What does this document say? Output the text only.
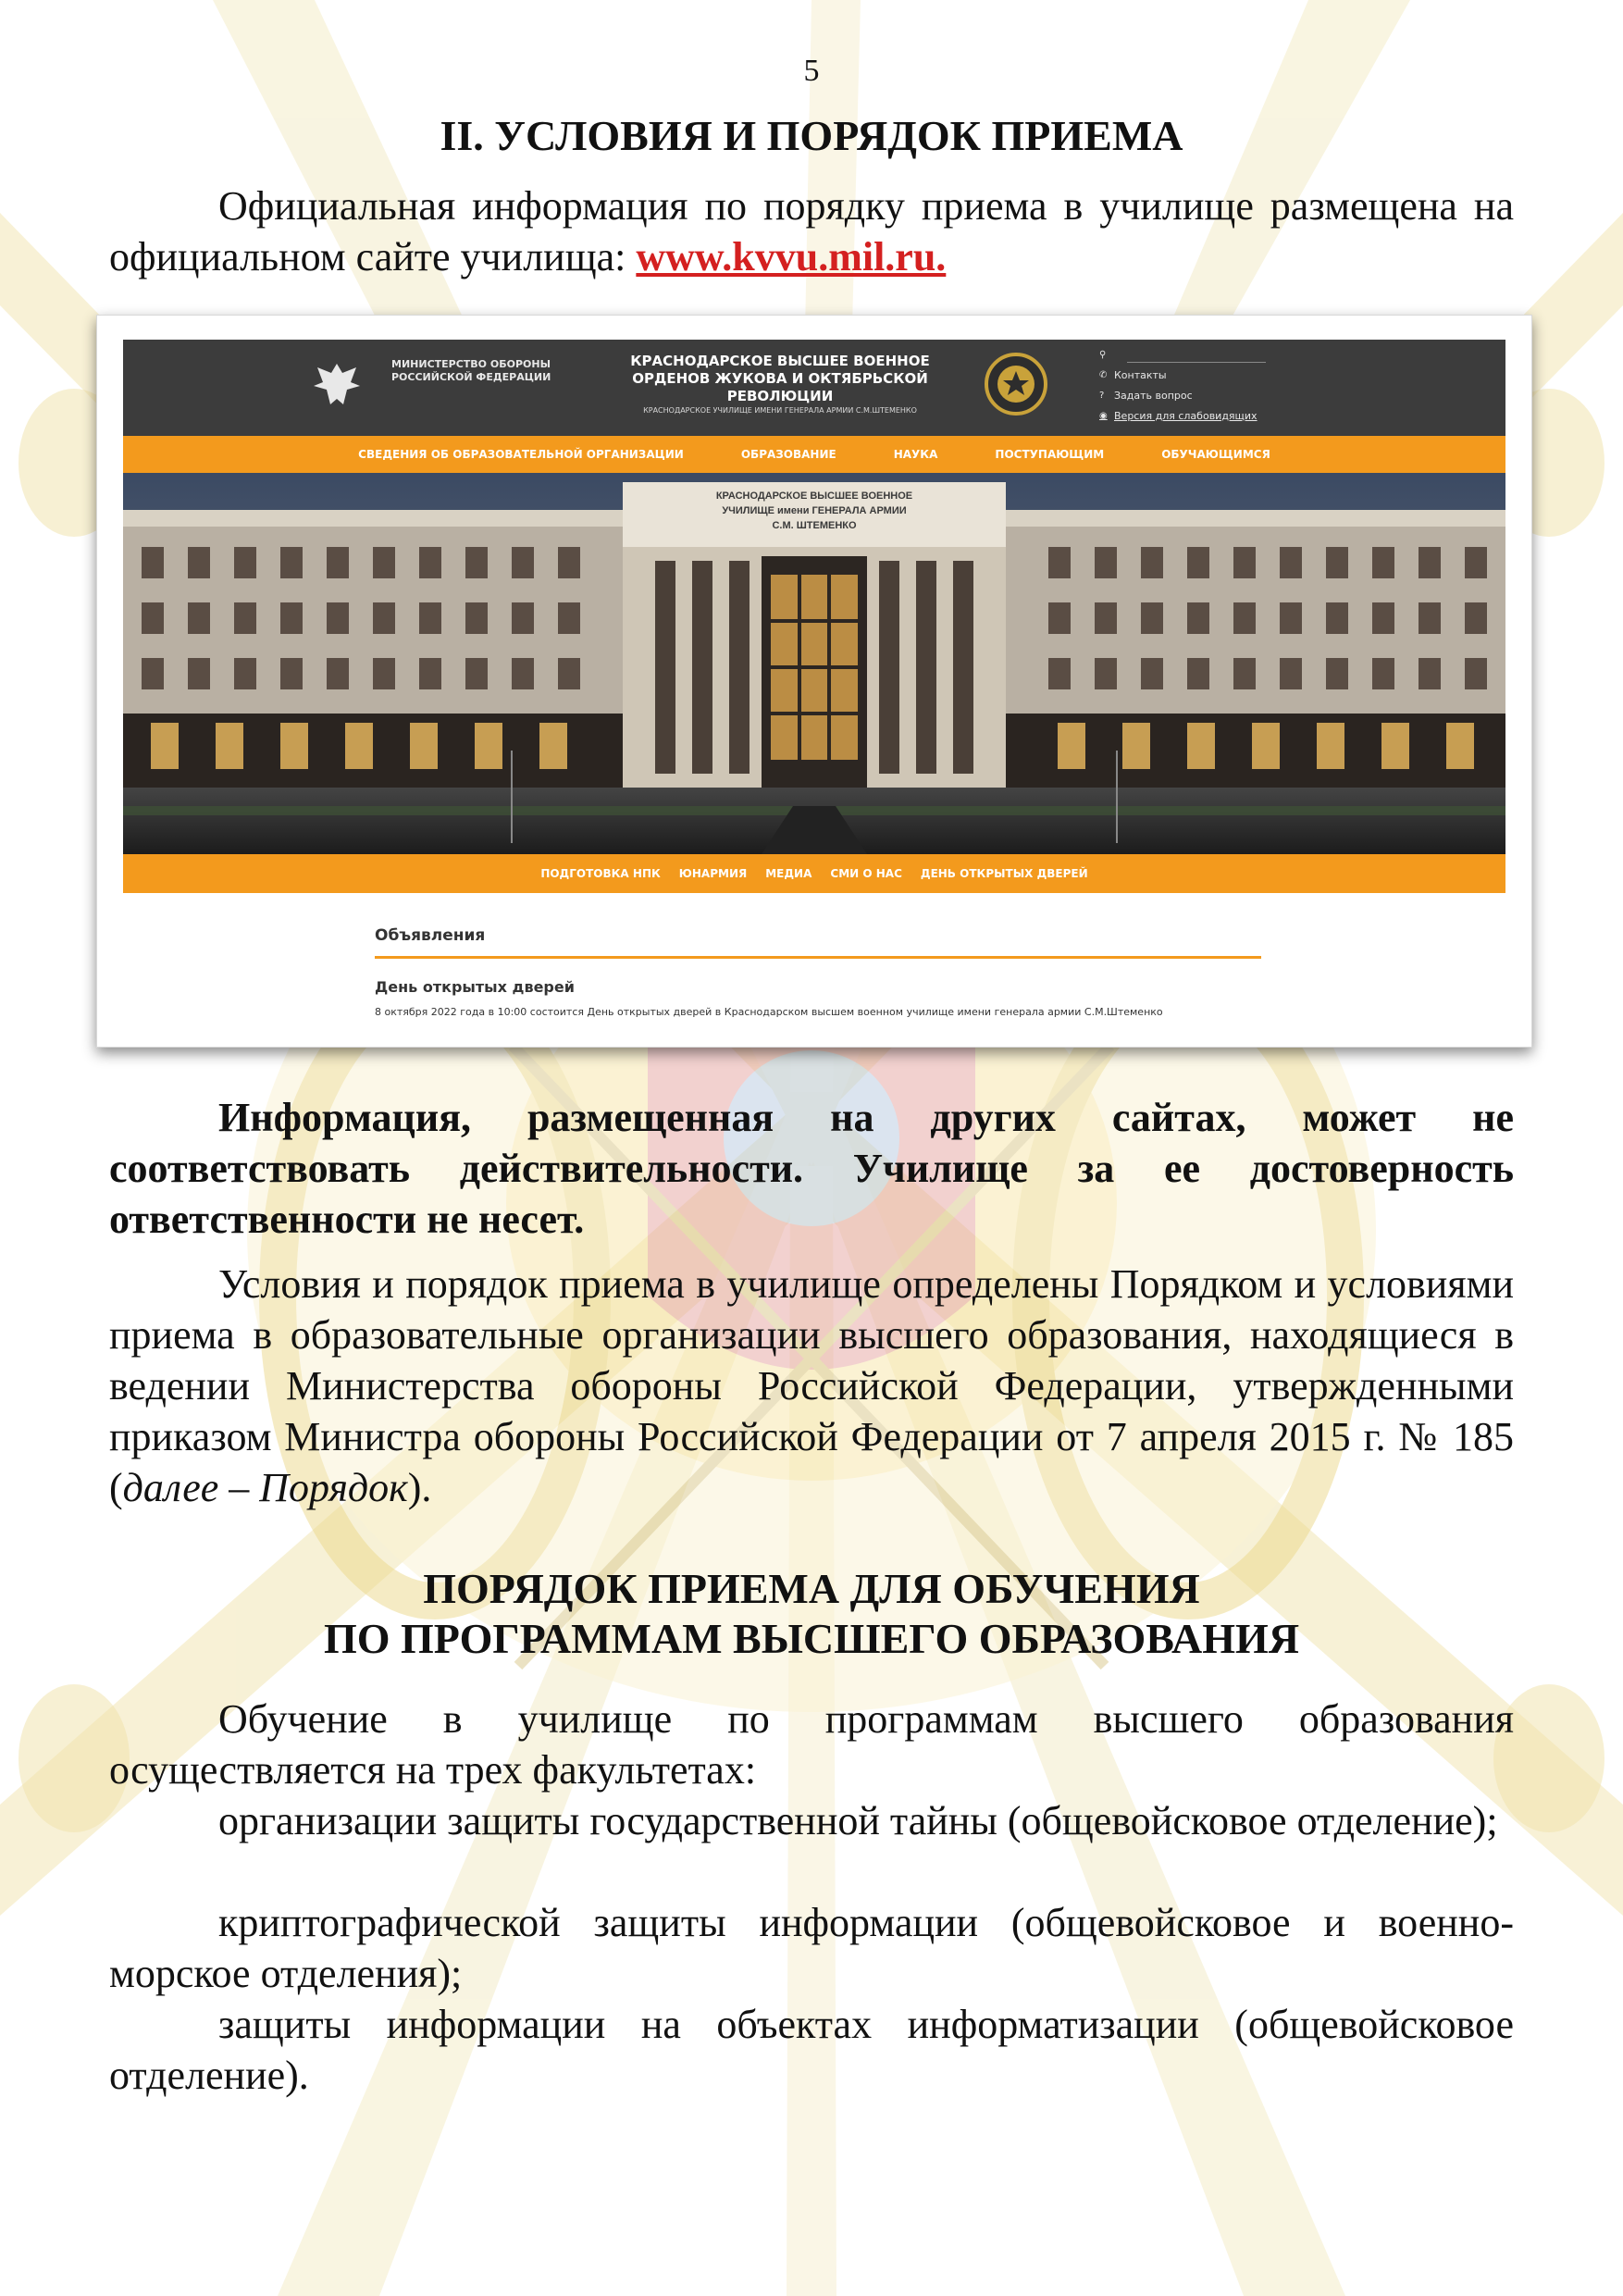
5
II. УСЛОВИЯ И ПОРЯДОК ПРИЕМА

Официальная информация по порядку приема в училище размещена на официальном сайте училища: www.kvvu.mil.ru.

МИНИСТЕРСТВО ОБОРОНЫ РОССИЙСКОЙ ФЕДЕРАЦИИ
КРАСНОДАРСКОЕ ВЫСШЕЕ ВОЕННОЕ
ОРДЕНОВ ЖУКОВА И ОКТЯБРЬСКОЙ РЕВОЛЮЦИИ
КРАСНОДАРСКОЕ УЧИЛИЩЕ ИМЕНИ ГЕНЕРАЛА АРМИИ С.М.ШТЕМЕНКО
⚲
✆ Контакты
? Задать вопрос
◉ Версия для слабовидящих
СВЕДЕНИЯ ОБ ОБРАЗОВАТЕЛЬНОЙ ОРГАНИЗАЦИИ	ОБРАЗОВАНИЕ	НАУКА	ПОСТУПАЮЩИМ	ОБУЧАЮЩИМСЯ
КРАСНОДАРСКОЕ ВЫСШЕЕ ВОЕННОЕ
УЧИЛИЩЕ имени ГЕНЕРАЛА АРМИИ
С.М. ШТЕМЕНКО
ПОДГОТОВКА НПК ЮНАРМИЯ МЕДИА СМИ О НАС ДЕНЬ ОТКРЫТЫХ ДВЕРЕЙ
Объявления
День открытых дверей
8 октября 2022 года в 10:00 состоится День открытых дверей в Краснодарском высшем военном училище имени генерала армии С.М.Штеменко

Информация, размещенная на других сайтах, может не соответствовать действительности. Училище за ее достоверность ответственности не несет.

Условия и порядок приема в училище определены Порядком и условиями приема в образовательные организации высшего образования, находящиеся в ведении Министерства обороны Российской Федерации, утвержденными приказом Министра обороны Российской Федерации от 7 апреля 2015 г. № 185 (далее – Порядок).

ПОРЯДОК ПРИЕМА ДЛЯ ОБУЧЕНИЯ
ПО ПРОГРАММАМ ВЫСШЕГО ОБРАЗОВАНИЯ

Обучение в училище по программам высшего образования осуществляется на трех факультетах:

организации защиты государственной тайны (общевойсковое отделение);

криптографической защиты информации (общевойсковое и военно-морское отделения);

защиты информации на объектах информатизации (общевойсковое отделение).
